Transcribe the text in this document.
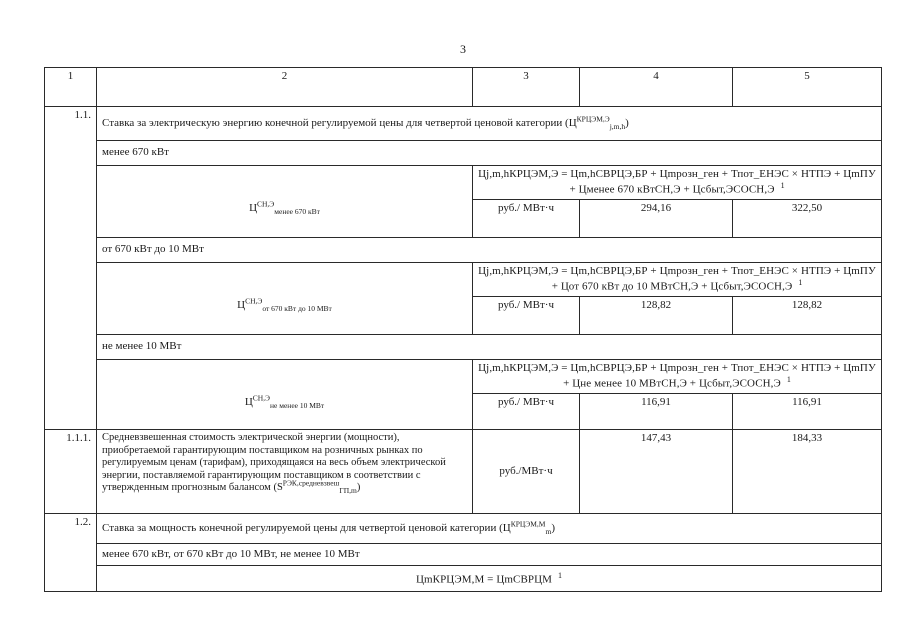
3
1	2	3	4	5
1.1.	Ставка за электрическую энергию конечной регулируемой цены для четвертой ценовой категории $(Ц^{КРЦЭМ,Э}_{j,m,h})$			
	менее 670 кВт			
		Цj,m,hКРЦЭМ,Э = Цm,hСВРЦЭ,БР + Цmрозн_ген + Тпот_ЕНЭС × НТПЭ + ЦmПУ + Цменее 670 кВтСН,Э + Цсбыт,ЭСОСН,Э $^1$
	$Ц^{СН,Э}_{менее 670 кВт}$	руб./ МВт·ч	294,16	322,50
	от 670 кВт до 10 МВт			
		Цj,m,hКРЦЭМ,Э = Цm,hСВРЦЭ,БР + Цmрозн_ген + Тпот_ЕНЭС × НТПЭ + ЦmПУ + Цот 670 кВт до 10 МВтСН,Э + Цсбыт,ЭСОСН,Э $^1$
	$Ц^{СН,Э}_{от 670 кВт до 10 МВт}$	руб./ МВт·ч	128,82	128,82
	не менее 10 МВт			
		Цj,m,hКРЦЭМ,Э = Цm,hСВРЦЭ,БР + Цmрозн_ген + Тпот_ЕНЭС × НТПЭ + ЦmПУ + Цне менее 10 МВтСН,Э + Цсбыт,ЭСОСН,Э $^1$
	$Ц^{СН,Э}_{не менее 10 МВт}$	руб./ МВт·ч	116,91	116,91
1.1.1.	Средневзвешенная стоимость электрической энергии (мощности), приобретаемой гарантирующим поставщиком на розничных рынках по регулируемым ценам (тарифам), приходящаяся на весь объем электрической энергии, поставляемой гарантирующим поставщиком в соответствии с утвержденным прогнозным балансом $(S^{РЭК,средневзвеш}_{ГП,m})$	руб./МВт·ч	147,43	184,33
1.2.	Ставка за мощность конечной регулируемой цены для четвертой ценовой категории $(Ц^{КРЦЭМ,М}_m)$			
	менее 670 кВт, от 670 кВт до 10 МВт, не менее 10 МВт			
	ЦmКРЦЭМ,М = ЦmСВРЦМ $^1$
